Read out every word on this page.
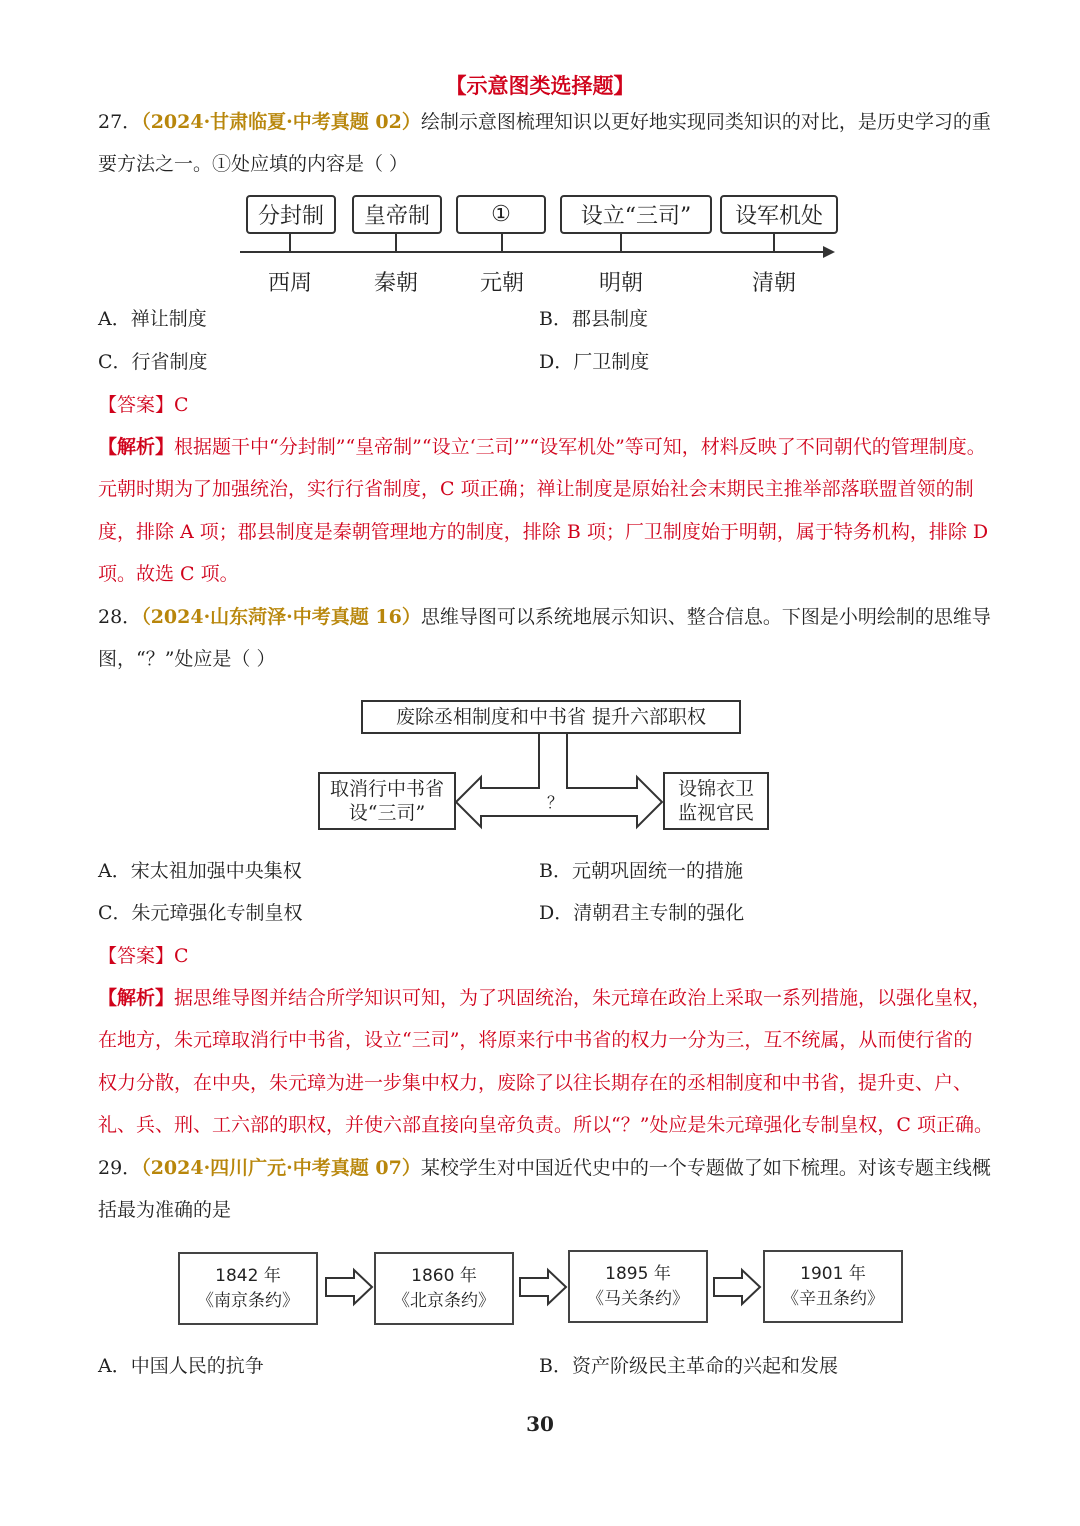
【示意图类选择题】
27．（2024·甘肃临夏·中考真题 02）绘制示意图梳理知识以更好地实现同类知识的对比，是历史学习的重
要方法之一。①处应填的内容是（ ）
分封制	皇帝制	①	设立“三司”	设军机处
西周	秦朝	元朝	明朝	清朝
A．禅让制度	B．郡县制度
C．行省制度	D．厂卫制度
【答案】C
【解析】根据题干中“分封制”“皇帝制”“设立‘三司’”“设军机处”等可知，材料反映了不同朝代的管理制度。
元朝时期为了加强统治，实行行省制度，C 项正确；禅让制度是原始社会末期民主推举部落联盟首领的制
度，排除 A 项；郡县制度是秦朝管理地方的制度，排除 B 项；厂卫制度始于明朝，属于特务机构，排除 D
项。故选 C 项。
28．（2024·山东菏泽·中考真题 16）思维导图可以系统地展示知识、整合信息。下图是小明绘制的思维导
图，“？”处应是（ ）
废除丞相制度和中书省 提升六部职权
取消行中书省
设“三司”
设锦衣卫
监视官民
？
A．宋太祖加强中央集权	B．元朝巩固统一的措施
C．朱元璋强化专制皇权	D．清朝君主专制的强化
【答案】C
【解析】据思维导图并结合所学知识可知，为了巩固统治，朱元璋在政治上采取一系列措施，以强化皇权，
在地方，朱元璋取消行中书省，设立“三司”，将原来行中书省的权力一分为三，互不统属，从而使行省的
权力分散，在中央，朱元璋为进一步集中权力，废除了以往长期存在的丞相制度和中书省，提升吏、户、
礼、兵、刑、工六部的职权，并使六部直接向皇帝负责。所以“？”处应是朱元璋强化专制皇权，C 项正确。
29．（2024·四川广元·中考真题 07）某校学生对中国近代史中的一个专题做了如下梳理。对该专题主线概
括最为准确的是
1842 年
《南京条约》
1860 年
《北京条约》
1895 年
《马关条约》
1901 年
《辛丑条约》
A．中国人民的抗争	B．资产阶级民主革命的兴起和发展
30
